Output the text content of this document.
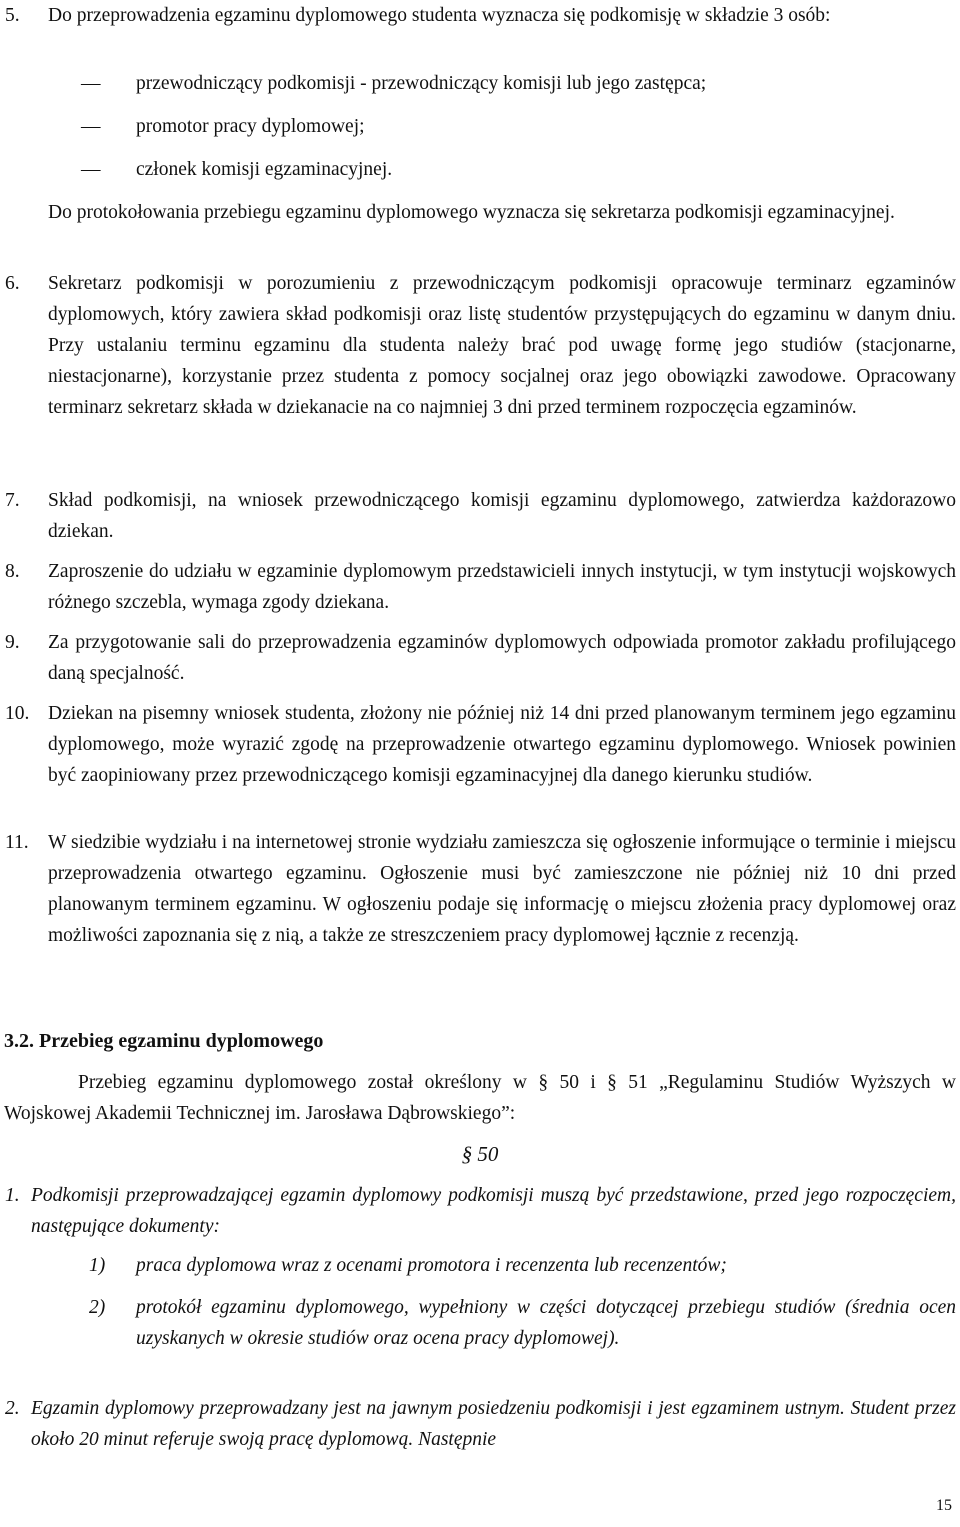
5. Do przeprowadzenia egzaminu dyplomowego studenta wyznacza się podkomisję w składzie 3 osób:
— przewodniczący podkomisji - przewodniczący komisji lub jego zastępca;
— promotor pracy dyplomowej;
— członek komisji egzaminacyjnej.
Do protokołowania przebiegu egzaminu dyplomowego wyznacza się sekretarza podkomisji egzaminacyjnej.
6. Sekretarz podkomisji w porozumieniu z przewodniczącym podkomisji opracowuje terminarz egzaminów dyplomowych, który zawiera skład podkomisji oraz listę studentów przystępujących do egzaminu w danym dniu. Przy ustalaniu terminu egzaminu dla studenta należy brać pod uwagę formę jego studiów (stacjonarne, niestacjonarne), korzystanie przez studenta z pomocy socjalnej oraz jego obowiązki zawodowe. Opracowany terminarz sekretarz składa w dziekanacie na co najmniej 3 dni przed terminem rozpoczęcia egzaminów.
7. Skład podkomisji, na wniosek przewodniczącego komisji egzaminu dyplomowego, zatwierdza każdorazowo dziekan.
8. Zaproszenie do udziału w egzaminie dyplomowym przedstawicieli innych instytucji, w tym instytucji wojskowych różnego szczebla, wymaga zgody dziekana.
9. Za przygotowanie sali do przeprowadzenia egzaminów dyplomowych odpowiada promotor zakładu profilującego daną specjalność.
10. Dziekan na pisemny wniosek studenta, złożony nie później niż 14 dni przed planowanym terminem jego egzaminu dyplomowego, może wyrazić zgodę na przeprowadzenie otwartego egzaminu dyplomowego. Wniosek powinien być zaopiniowany przez przewodniczącego komisji egzaminacyjnej dla danego kierunku studiów.
11. W siedzibie wydziału i na internetowej stronie wydziału zamieszcza się ogłoszenie informujące o terminie i miejscu przeprowadzenia otwartego egzaminu. Ogłoszenie musi być zamieszczone nie później niż 10 dni przed planowanym terminem egzaminu. W ogłoszeniu podaje się informację o miejscu złożenia pracy dyplomowej oraz możliwości zapoznania się z nią, a także ze streszczeniem pracy dyplomowej łącznie z recenzją.
3.2. Przebieg egzaminu dyplomowego
Przebieg egzaminu dyplomowego został określony w § 50 i § 51 „Regulaminu Studiów Wyższych w Wojskowej Akademii Technicznej im. Jarosława Dąbrowskiego”:
§ 50
1. Podkomisji przeprowadzającej egzamin dyplomowy podkomisji muszą być przedstawione, przed jego rozpoczęciem, następujące dokumenty:
1) praca dyplomowa wraz z ocenami promotora i recenzenta lub recenzentów;
2) protokół egzaminu dyplomowego, wypełniony w części dotyczącej przebiegu studiów (średnia ocen uzyskanych w okresie studiów oraz ocena pracy dyplomowej).
2. Egzamin dyplomowy przeprowadzany jest na jawnym posiedzeniu podkomisji i jest egzaminem ustnym. Student przez około 20 minut referuje swoją pracę dyplomową. Następnie
15
